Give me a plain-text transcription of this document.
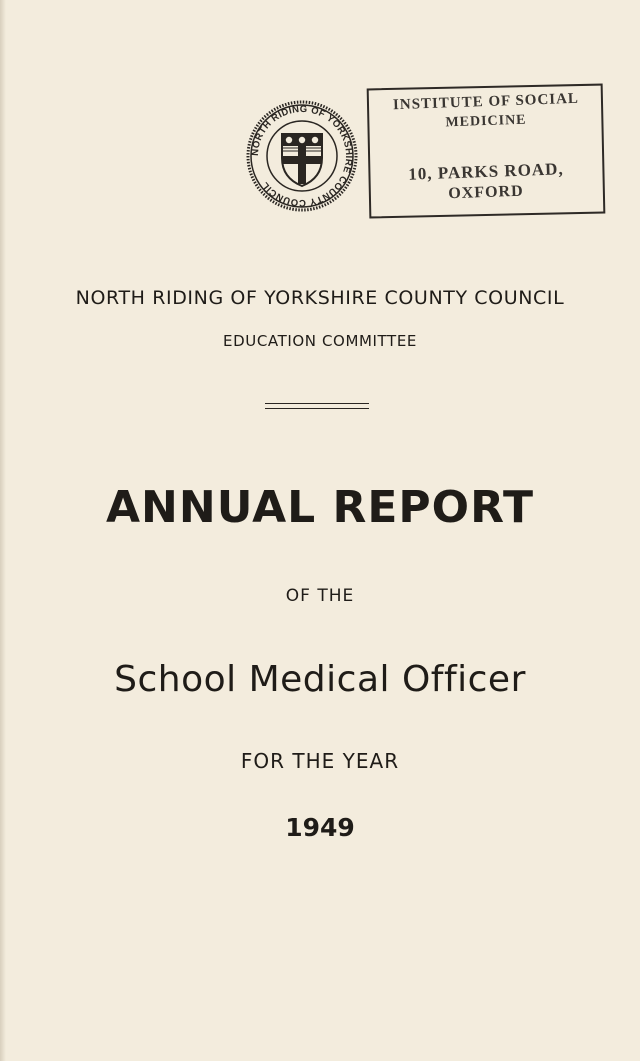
NORTH RIDING OF YORKSHIRE COUNTY COUNCIL
INSTITUTE OF SOCIAL
MEDICINE
10, PARKS ROAD,
OXFORD
NORTH RIDING OF YORKSHIRE COUNTY COUNCIL
EDUCATION COMMITTEE
ANNUAL REPORT
OF THE
School Medical Officer
FOR THE YEAR
1949
